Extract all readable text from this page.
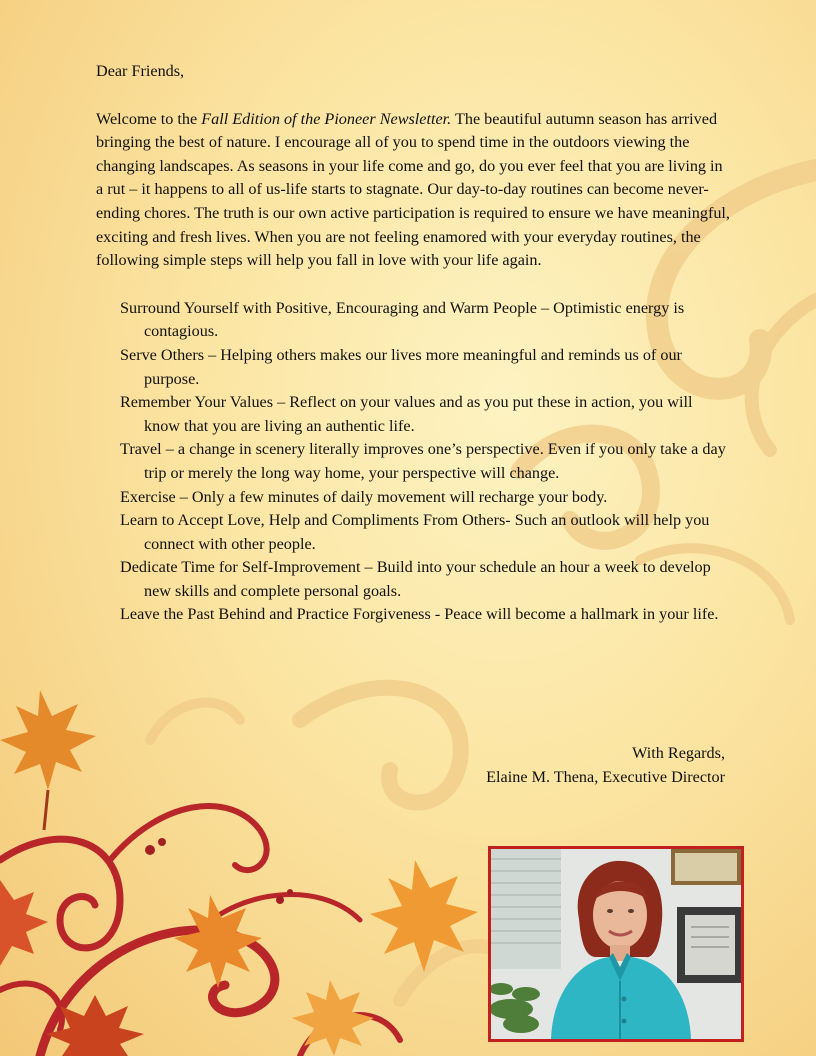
Dear Friends,

Welcome to the Fall Edition of the Pioneer Newsletter. The beautiful autumn season has arrived bringing the best of nature. I encourage all of you to spend time in the outdoors viewing the changing landscapes. As seasons in your life come and go, do you ever feel that you are living in a rut – it happens to all of us-life starts to stagnate. Our day-to-day routines can become never-ending chores. The truth is our own active participation is required to ensure we have meaningful, exciting and fresh lives. When you are not feeling enamored with your everyday routines, the following simple steps will help you fall in love with your life again.

Surround Yourself with Positive, Encouraging and Warm People – Optimistic energy is contagious.
Serve Others – Helping others makes our lives more meaningful and reminds us of our purpose.
Remember Your Values – Reflect on your values and as you put these in action, you will know that you are living an authentic life.
Travel – a change in scenery literally improves one’s perspective. Even if you only take a day trip or merely the long way home, your perspective will change.
Exercise – Only a few minutes of daily movement will recharge your body.
Learn to Accept Love, Help and Compliments From Others- Such an outlook will help you connect with other people.
Dedicate Time for Self-Improvement – Build into your schedule an hour a week to develop new skills and complete personal goals.
Leave the Past Behind and Practice Forgiveness - Peace will become a hallmark in your life.
With Regards,
Elaine M. Thena, Executive Director
